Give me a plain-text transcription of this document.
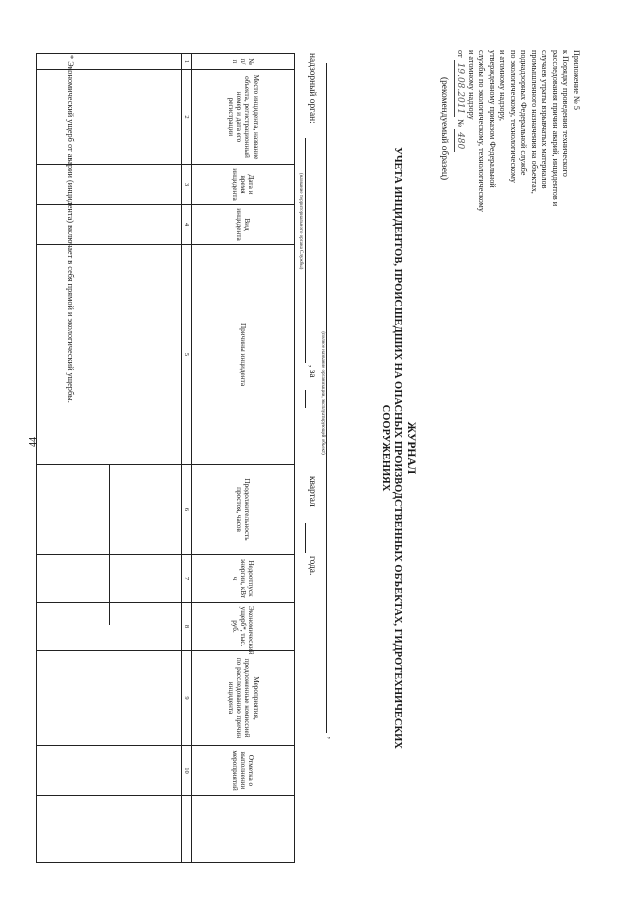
44
Приложение № 5
к Порядку проведения технического
расследования причин аварий, инцидентов и
случаев утраты взрывчатых материалов
промышленного назначения на объектах,
поднадзорных Федеральной службе
по экологическому, технологическому
и атомному надзору,
утвержденному приказом Федеральной
службы по экологическому, технологическому
и атомному надзору
от 19.08.2011 № 480
(рекомендуемый образец)
ЖУРНАЛ
УЧЕТА ИНЦИДЕНТОВ, ПРОИСШЕДШИХ НА ОПАСНЫХ ПРОИЗВОДСТВЕННЫХ ОБЪЕКТАХ, ГИДРОТЕХНИЧЕСКИХ
СООРУЖЕНИЯХ
,
(полное название организации, эксплуатирующей объект)
надзорный орган:
(название территориального органа Службы)
, за
квартал
года.
№ п/п	Место инцидента, название объекта, регистрационный номер и дата его регистрации	Дата и время инцидента	Вид инцидента	Причины инцидента	Продолжительность простоя, часов	Недоотпуск энергии, кВт ч	Экономический ущерб*, тыс. руб.	Мероприятия, предложенные комиссией по расследованию причин инцидента	Отметка о выполнении мероприятий	
1	2	3	4	5	6	7	8	9	10	

* Экономический ущерб от аварии (инцидента) включает в себя прямой и экологический ущербы.
